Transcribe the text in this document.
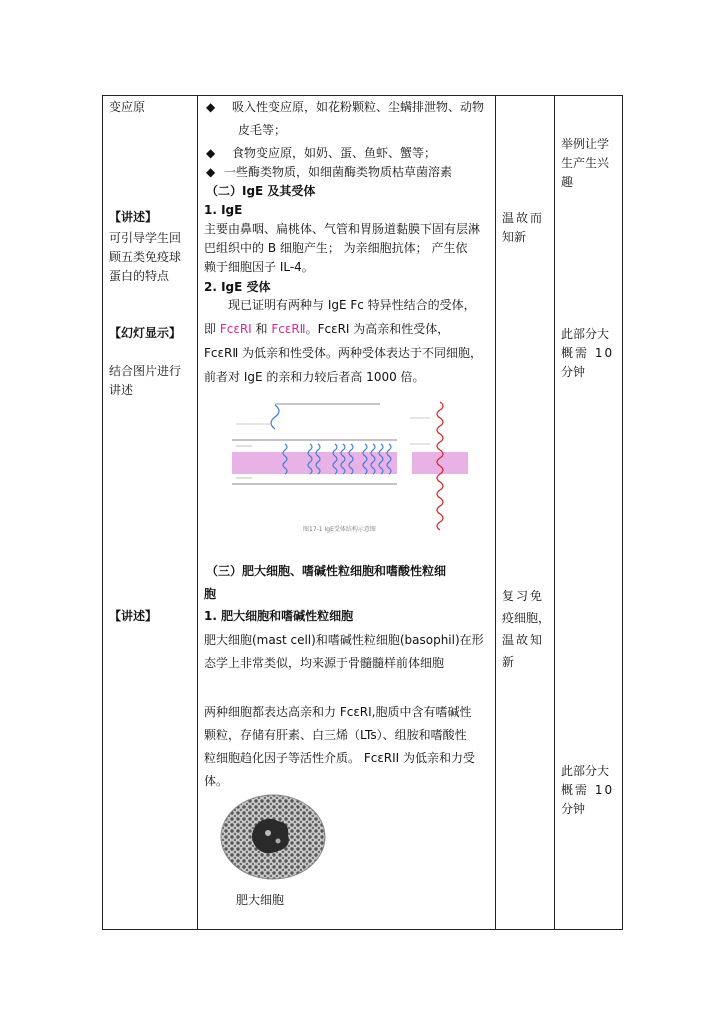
变应原
【讲述】
可引导学生回
顾五类免疫球
蛋白的特点
【幻灯显示】
结合图片进行
讲述
【讲述】
◆ 吸入性变应原，如花粉颗粒、尘螨排泄物、动物
皮毛等；
◆ 食物变应原，如奶、蛋、鱼虾、蟹等；
◆ 一些酶类物质，如细菌酶类物质枯草菌溶素
（二）IgE 及其受体
1. IgE
主要由鼻咽、扁桃体、气管和胃肠道黏膜下固有层淋
巴组织中的 B 细胞产生； 为亲细胞抗体； 产生依
赖于细胞因子 IL-4。
2. IgE 受体
现已证明有两种与 IgE Fc 特异性结合的受体，
即 FcεRⅠ 和 FcεRⅡ。FcεRⅠ 为高亲和性受体，
FcεRⅡ 为低亲和性受体。两种受体表达于不同细胞，
前者对 IgE 的亲和力较后者高 1000 倍。
图17-1 IgE受体结构示意图
（三）肥大细胞、嗜碱性粒细胞和嗜酸性粒细
胞
1. 肥大细胞和嗜碱性粒细胞
肥大细胞(mast cell)和嗜碱性粒细胞(basophil)在形
态学上非常类似，均来源于骨髓髓样前体细胞
两种细胞都表达高亲和力 FcεRI,胞质中含有嗜碱性
颗粒，存储有肝素、白三烯（LTs）、组胺和嗜酸性
粒细胞趋化因子等活性介质。 FcεRII 为低亲和力受
体。
肥大细胞
温故而
知新
复习免
疫细胞，
温故知
新
举例让学
生产生兴
趣
此部分大
概需 10
分钟
此部分大
概需 10
分钟
